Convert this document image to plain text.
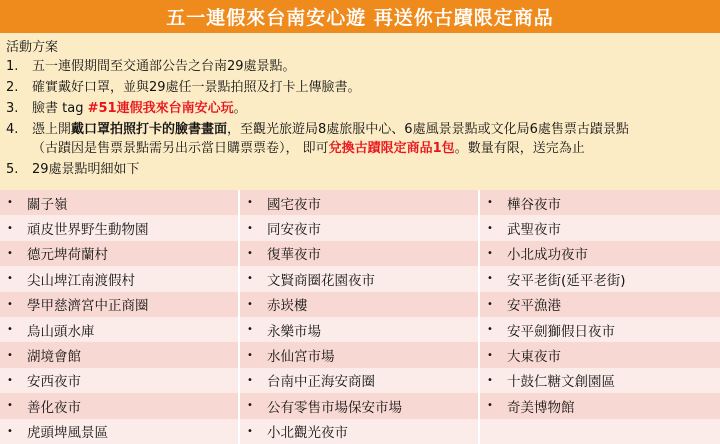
五一連假來台南安心遊 再送你古蹟限定商品
活動方案
1. 五一連假期間至交通部公告之台南29處景點。
2. 確實戴好口罩，並與29處任一景點拍照及打卡上傳臉書。
3. 臉書 tag #51連假我來台南安心玩。
4. 憑上開戴口罩拍照打卡的臉書畫面，至觀光旅遊局8處旅服中心、6處風景景點或文化局6處售票古蹟景點
（古蹟因是售票景點需另出示當日購票票卷）， 即可兌換古蹟限定商品1包。數量有限，送完為止
5. 29處景點明細如下
•	關子嶺	•	國宅夜市	•	樺谷夜市
•	頑皮世界野生動物園	•	同安夜市	•	武聖夜市
•	德元埤荷蘭村	•	復華夜市	•	小北成功夜市
•	尖山埤江南渡假村	•	文賢商圈花園夜市	•	安平老街(延平老街)
•	學甲慈濟宮中正商圈	•	赤崁樓	•	安平漁港
•	烏山頭水庫	•	永樂市場	•	安平劍獅假日夜市
•	湖境會館	•	水仙宮市場	•	大東夜市
•	安西夜市	•	台南中正海安商圈	•	十鼓仁糖文創園區
•	善化夜市	•	公有零售市場保安市場	•	奇美博物館
•	虎頭埤風景區	•	小北觀光夜市
